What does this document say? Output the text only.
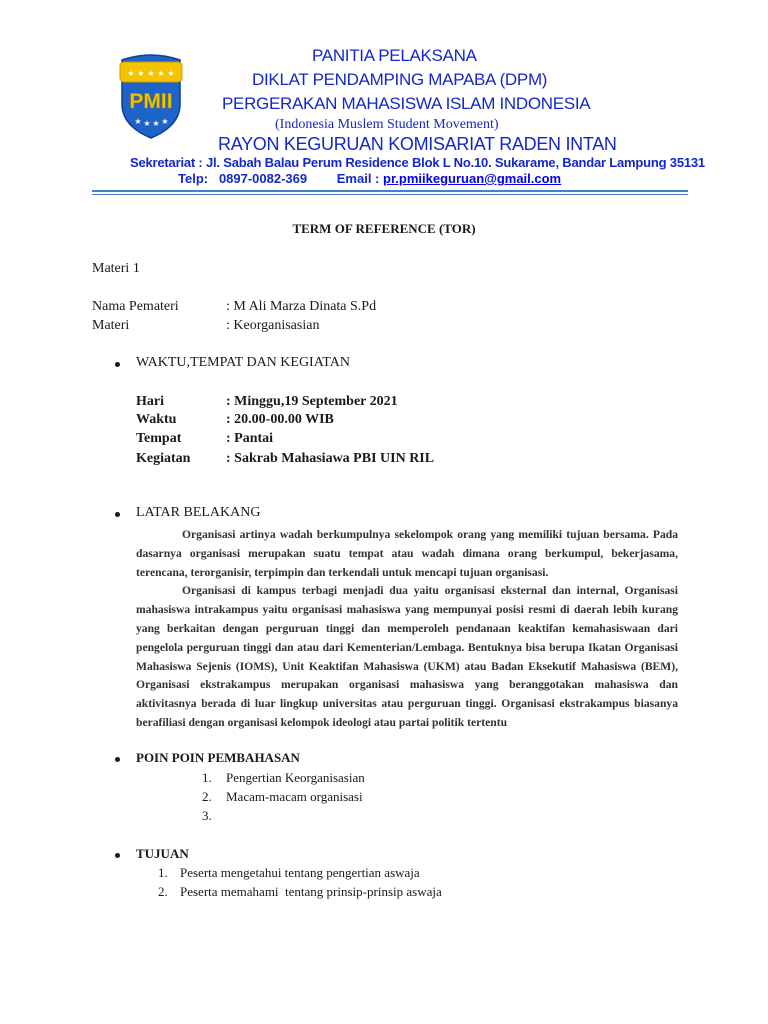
★ ★ ★ ★ ★
PMII
★ ★ ★ ★
PANITIA PELAKSANA
DIKLAT PENDAMPING MAPABA (DPM)
PERGERAKAN MAHASISWA ISLAM INDONESIA
(Indonesia Muslem Student Movement)
RAYON KEGURUAN KOMISARIAT RADEN INTAN
Sekretariat : Jl. Sabah Balau Perum Residence Blok L No.10. Sukarame, Bandar Lampung 35131
Telp: 0897-0082-369 Email : pr.pmiikeguruan@gmail.com
TERM OF REFERENCE (TOR)
Materi 1
Nama Pemateri	: M Ali Marza Dinata S.Pd
Materi	: Keorganisasian
WAKTU,TEMPAT DAN KEGIATAN
Hari	: Minggu,19 September 2021
Waktu	: 20.00-00.00 WIB
Tempat	: Pantai
Kegiatan	: Sakrab Mahasiawa PBI UIN RIL
LATAR BELAKANG

Organisasi artinya wadah berkumpulnya sekelompok orang yang memiliki tujuan bersama. Pada dasarnya organisasi merupakan suatu tempat atau wadah dimana orang berkumpul, bekerjasama, terencana, terorganisir, terpimpin dan terkendali untuk mencapi tujuan organisasi.

Organisasi di kampus terbagi menjadi dua yaitu organisasi eksternal dan internal, Organisasi mahasiswa intrakampus yaitu organisasi mahasiswa yang mempunyai posisi resmi di daerah lebih kurang yang berkaitan dengan perguruan tinggi dan memperoleh pendanaan keaktifan kemahasiswaan dari pengelola perguruan tinggi dan atau dari Kementerian/Lembaga. Bentuknya bisa berupa Ikatan Organisasi Mahasiswa Sejenis (IOMS), Unit Keaktifan Mahasiswa (UKM) atau Badan Eksekutif Mahasiswa (BEM), Organisasi ekstrakampus merupakan organisasi mahasiswa yang beranggotakan mahasiswa dan aktivitasnya berada di luar lingkup universitas atau perguruan tinggi. Organisasi ekstrakampus biasanya berafiliasi dengan organisasi kelompok ideologi atau partai politik tertentu

POIN POIN PEMBAHASAN
1. Pengertian Keorganisasian
2. Macam-macam organisasi
3.
TUJUAN
1. Peserta mengetahui tentang pengertian aswaja
2. Peserta memahami  tentang prinsip-prinsip aswaja
